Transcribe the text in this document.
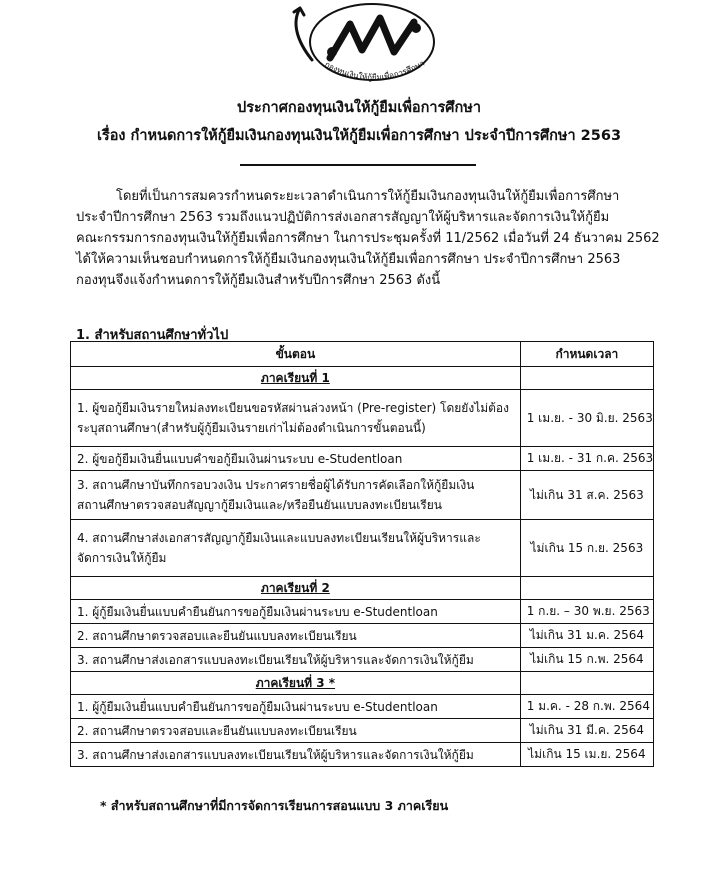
กองทุนเงินให้กู้ยืมเพื่อการศึกษา
ประกาศกองทุนเงินให้กู้ยืมเพื่อการศึกษา
เรื่อง กำหนดการให้กู้ยืมเงินกองทุนเงินให้กู้ยืมเพื่อการศึกษา ประจำปีการศึกษา 2563
โดยที่เป็นการสมควรกำหนดระยะเวลาดำเนินการให้กู้ยืมเงินกองทุนเงินให้กู้ยืมเพื่อการศึกษา
ประจำปีการศึกษา 2563 รวมถึงแนวปฏิบัติการส่งเอกสารสัญญาให้ผู้บริหารและจัดการเงินให้กู้ยืม
คณะกรรมการกองทุนเงินให้กู้ยืมเพื่อการศึกษา ในการประชุมครั้งที่ 11/2562 เมื่อวันที่ 24 ธันวาคม 2562
ได้ให้ความเห็นชอบกำหนดการให้กู้ยืมเงินกองทุนเงินให้กู้ยืมเพื่อการศึกษา ประจำปีการศึกษา 2563
กองทุนจึงแจ้งกำหนดการให้กู้ยืมเงินสำหรับปีการศึกษา 2563 ดังนี้
1. สำหรับสถานศึกษาทั่วไป
ขั้นตอน	กำหนดเวลา
ภาคเรียนที่ 1	

1. ผู้ขอกู้ยืมเงินรายใหม่ลงทะเบียนขอรหัสผ่านล่วงหน้า (Pre-register) โดยยังไม่ต้อง
ระบุสถานศึกษา(สำหรับผู้กู้ยืมเงินรายเก่าไม่ต้องดำเนินการขั้นตอนนี้)	1 เม.ย. - 30 มิ.ย. 2563

2. ผู้ขอกู้ยืมเงินยื่นแบบคำขอกู้ยืมเงินผ่านระบบ e-Studentloan	1 เม.ย. - 31 ก.ค. 2563

3. สถานศึกษาบันทึกกรอบวงเงิน ประกาศรายชื่อผู้ได้รับการคัดเลือกให้กู้ยืมเงิน
สถานศึกษาตรวจสอบสัญญากู้ยืมเงินและ/หรือยืนยันแบบลงทะเบียนเรียน	ไม่เกิน 31 ส.ค. 2563

4. สถานศึกษาส่งเอกสารสัญญากู้ยืมเงินและแบบลงทะเบียนเรียนให้ผู้บริหารและ
จัดการเงินให้กู้ยืม	ไม่เกิน 15 ก.ย. 2563
ภาคเรียนที่ 2	

1. ผู้กู้ยืมเงินยื่นแบบคำยืนยันการขอกู้ยืมเงินผ่านระบบ e-Studentloan	1 ก.ย. – 30 พ.ย. 2563

2. สถานศึกษาตรวจสอบและยืนยันแบบลงทะเบียนเรียน	ไม่เกิน 31 ม.ค. 2564

3. สถานศึกษาส่งเอกสารแบบลงทะเบียนเรียนให้ผู้บริหารและจัดการเงินให้กู้ยืม	ไม่เกิน 15 ก.พ. 2564
ภาคเรียนที่ 3 *	

1. ผู้กู้ยืมเงินยื่นแบบคำยืนยันการขอกู้ยืมเงินผ่านระบบ e-Studentloan	1 ม.ค. - 28 ก.พ. 2564

2. สถานศึกษาตรวจสอบและยืนยันแบบลงทะเบียนเรียน	ไม่เกิน 31 มี.ค. 2564

3. สถานศึกษาส่งเอกสารแบบลงทะเบียนเรียนให้ผู้บริหารและจัดการเงินให้กู้ยืม	ไม่เกิน 15 เม.ย. 2564
* สำหรับสถานศึกษาที่มีการจัดการเรียนการสอนแบบ 3 ภาคเรียน
